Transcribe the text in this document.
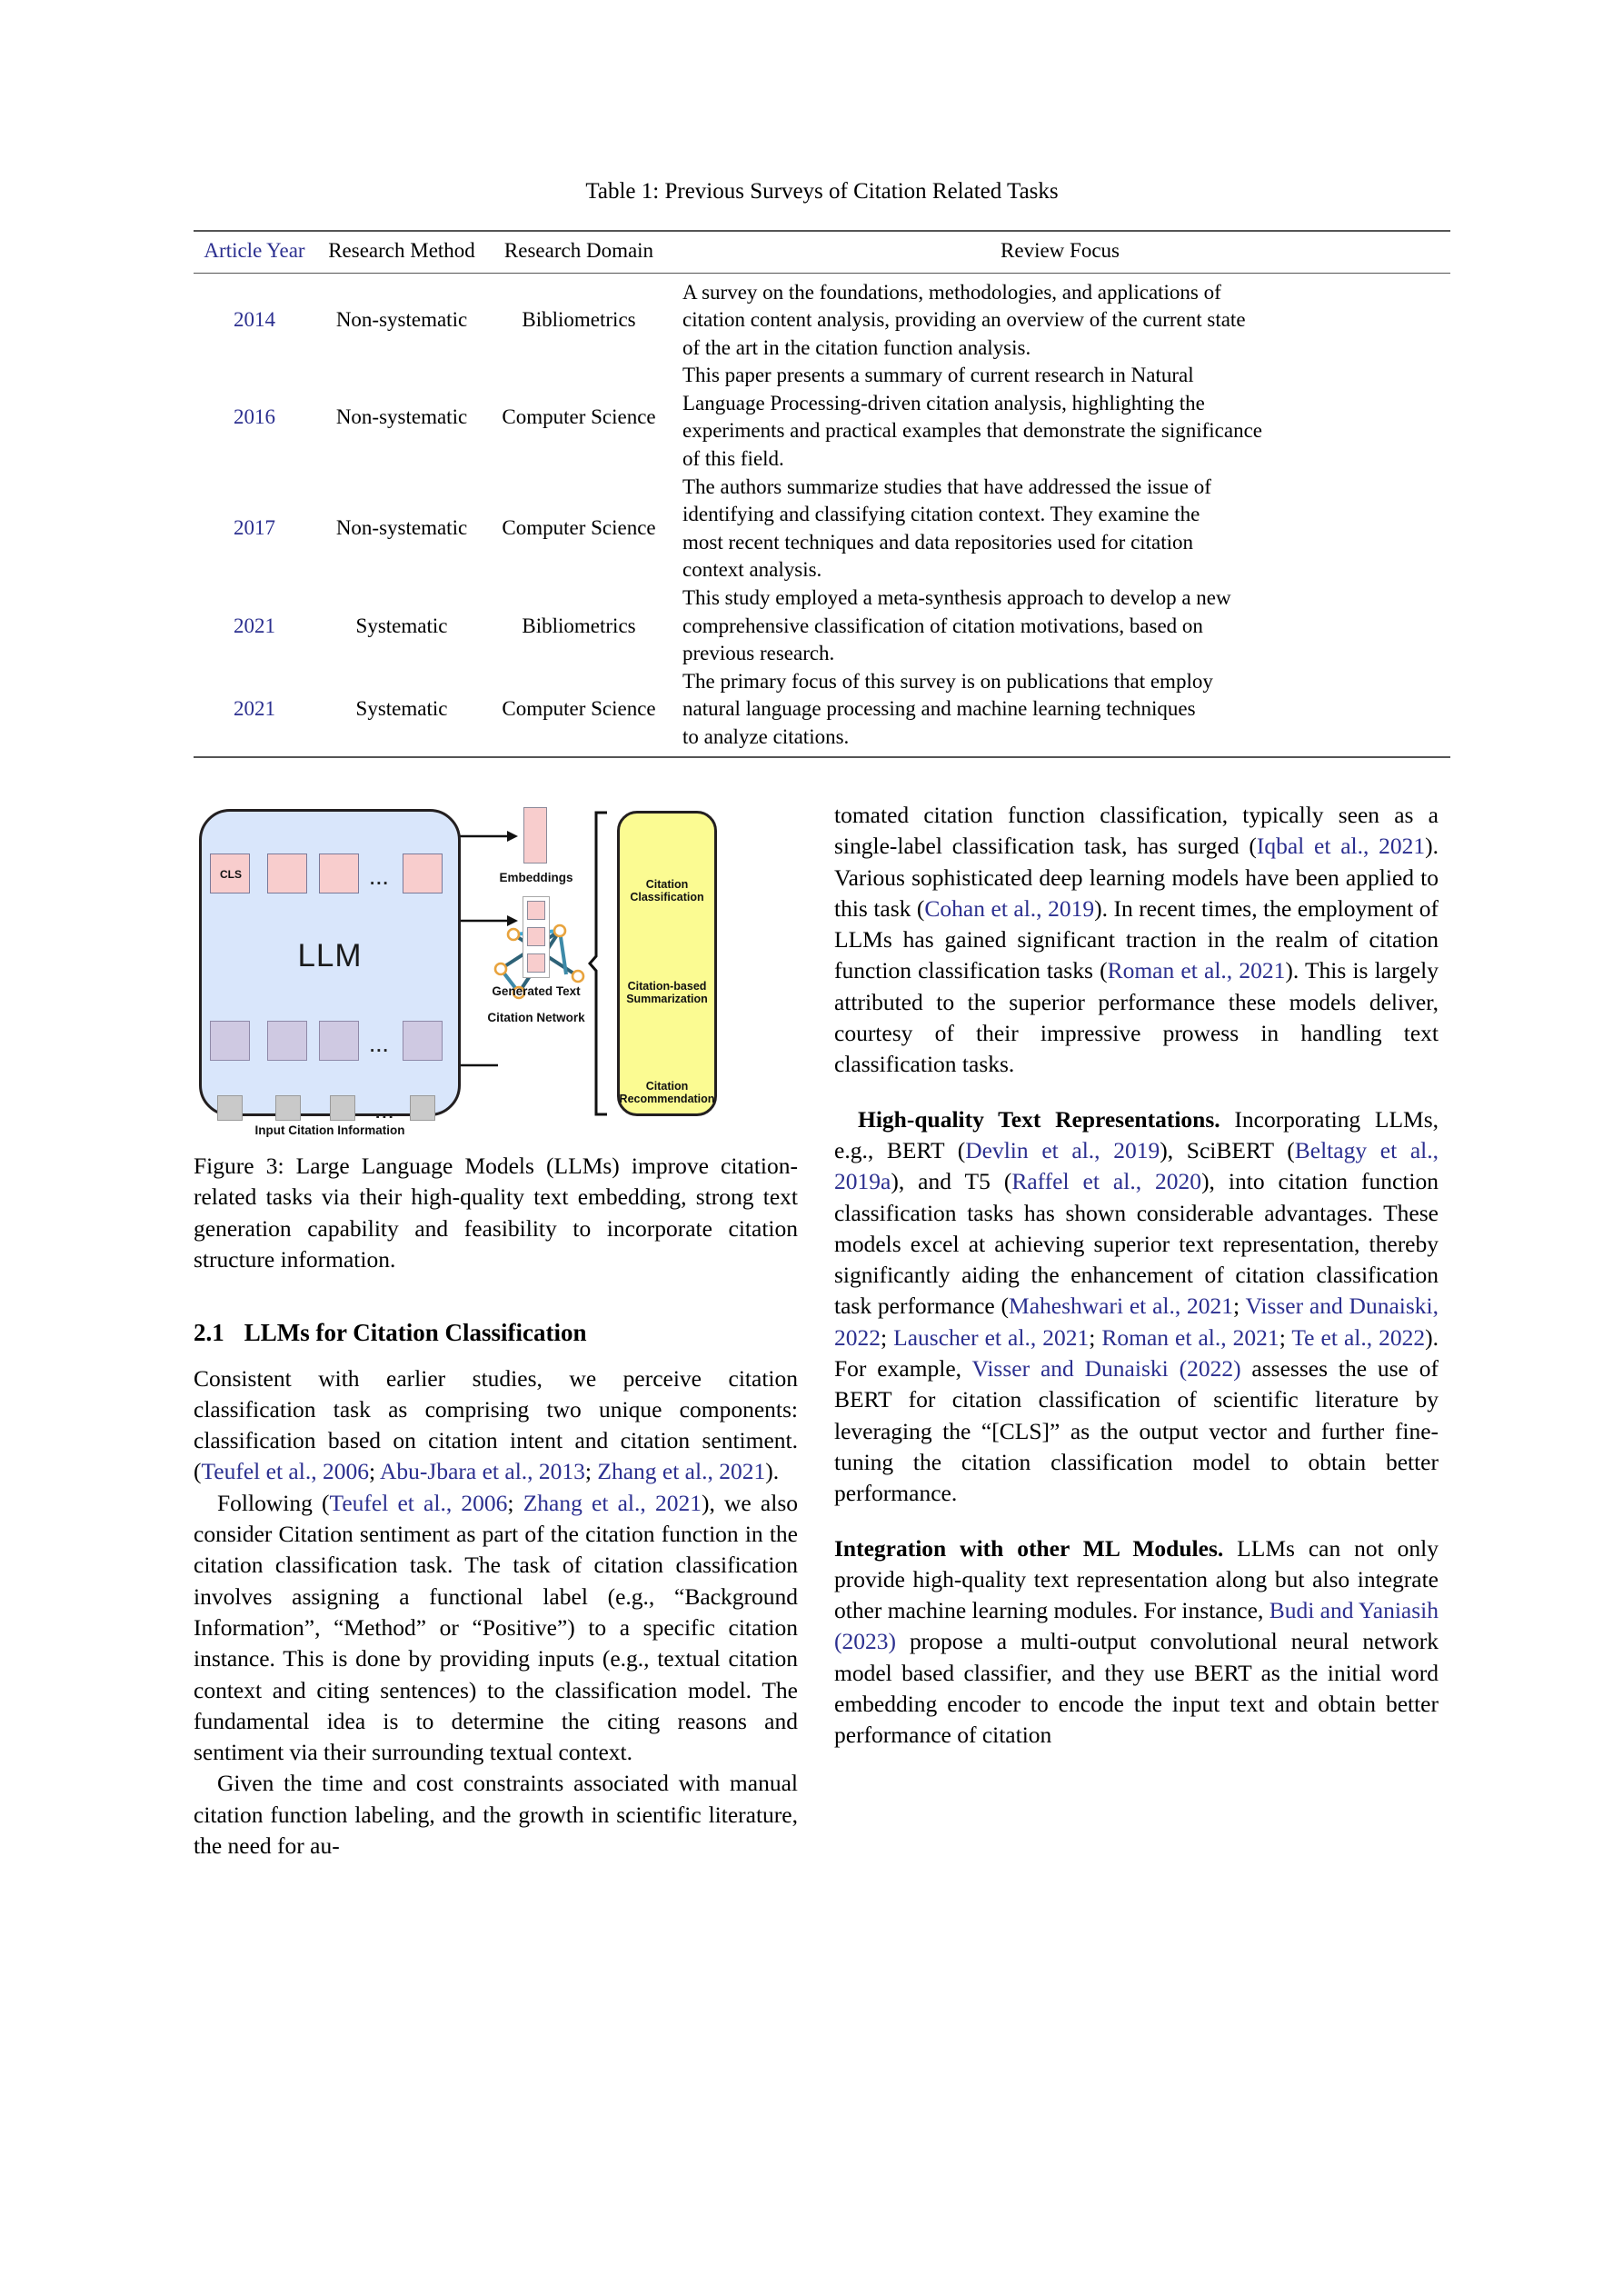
Table 1: Previous Surveys of Citation Related Tasks
Article Year	Research Method	Research Domain	Review Focus
2014	Non-systematic	Bibliometrics	A survey on the foundations, methodologies, and applications of
citation content analysis, providing an overview of the current state
of the art in the citation function analysis.

2016	Non-systematic	Computer Science	This paper presents a summary of current research in Natural
Language Processing-driven citation analysis, highlighting the
experiments and practical examples that demonstrate the significance
of this field.

2017	Non-systematic	Computer Science	The authors summarize studies that have addressed the issue of
identifying and classifying citation context. They examine the
most recent techniques and data repositories used for citation
context analysis.

2021	Systematic	Bibliometrics	This study employed a meta-synthesis approach to develop a new
comprehensive classification of citation motivations, based on
previous research.

2021	Systematic	Computer Science	The primary focus of this survey is on publications that employ
natural language processing and machine learning techniques
to analyze citations.
CLS	...
LLM
...
...
Input Citation Information
Embeddings
Generated Text
Citation Network
Citation
Classification
Citation-based
Summarization
Citation
Recommendation

Figure 3: Large Language Models (LLMs) improve citation-related tasks via their high-quality text embedding, strong text generation capability and feasibility to incorporate citation structure information.

2.1 LLMs for Citation Classification

Consistent with earlier studies, we perceive citation classification task as comprising two unique components: classification based on citation intent and citation sentiment.(Teufel et al., 2006; Abu-Jbara et al., 2013; Zhang et al., 2021).

Following (Teufel et al., 2006; Zhang et al., 2021), we also consider Citation sentiment as part of the citation function in the citation classification task. The task of citation classification involves assigning a functional label (e.g., “Background Information”, “Method” or “Positive”) to a specific citation instance. This is done by providing inputs (e.g., textual citation context and citing sentences) to the classification model. The fundamental idea is to determine the citing reasons and sentiment via their surrounding textual context.

Given the time and cost constraints associated with manual citation function labeling, and the growth in scientific literature, the need for au-

tomated citation function classification, typically seen as a single-label classification task, has surged (Iqbal et al., 2021). Various sophisticated deep learning models have been applied to this task (Cohan et al., 2019). In recent times, the employment of LLMs has gained significant traction in the realm of citation function classification tasks (Roman et al., 2021). This is largely attributed to the superior performance these models deliver, courtesy of their impressive prowess in handling text classification tasks.

High-quality Text Representations. Incorporating LLMs, e.g., BERT (Devlin et al., 2019), SciBERT (Beltagy et al., 2019a), and T5 (Raffel et al., 2020), into citation function classification tasks has shown considerable advantages. These models excel at achieving superior text representation, thereby significantly aiding the enhancement of citation classification task performance (Maheshwari et al., 2021; Visser and Dunaiski, 2022; Lauscher et al., 2021; Roman et al., 2021; Te et al., 2022). For example, Visser and Dunaiski (2022) assesses the use of BERT for citation classification of scientific literature by leveraging the “[CLS]” as the output vector and further fine-tuning the citation classification model to obtain better performance.

Integration with other ML Modules. LLMs can not only provide high-quality text representation along but also integrate other machine learning modules. For instance, Budi and Yaniasih (2023) propose a multi-output convolutional neural network model based classifier, and they use BERT as the initial word embedding encoder to encode the input text and obtain better performance of citation
